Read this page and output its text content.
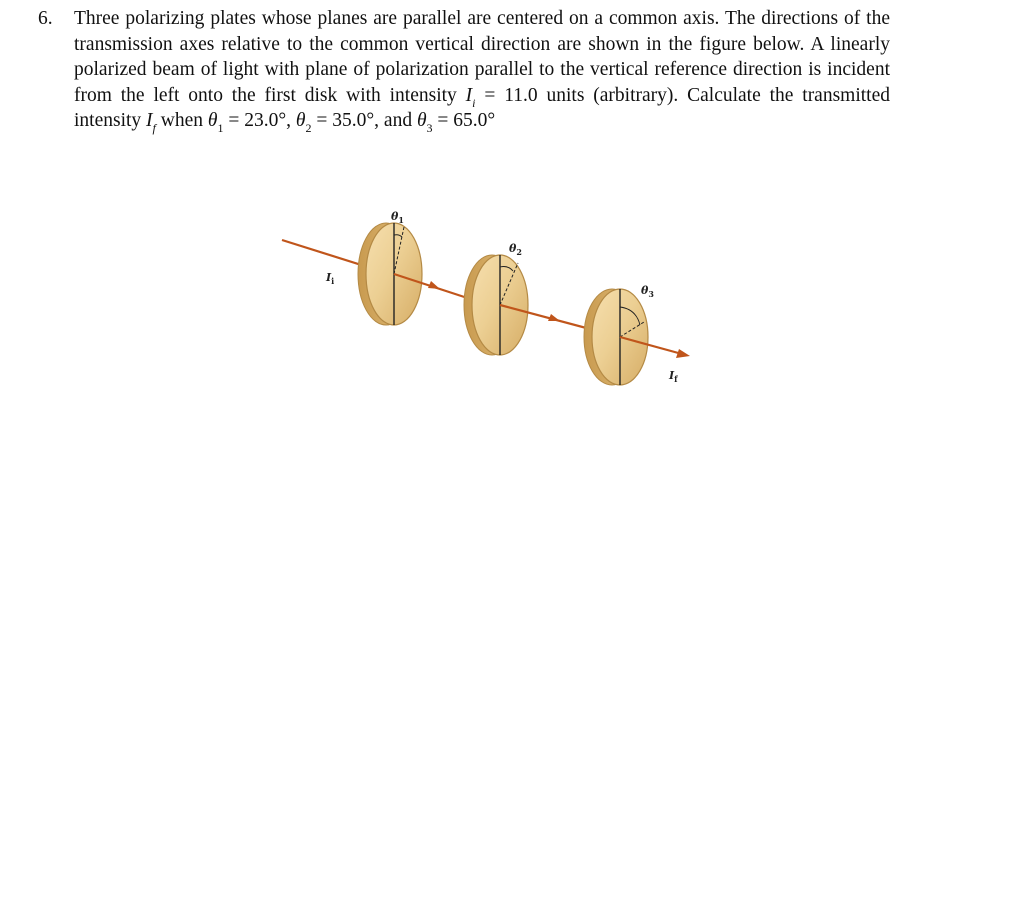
6. Three polarizing plates whose planes are parallel are centered on a common axis. The directions of the transmission axes relative to the common vertical direction are shown in the figure below. A linearly polarized beam of light with plane of polarization parallel to the vertical reference direction is incident from the left onto the first disk with intensity $I_i = 11.0$ units (arbitrary). Calculate the transmitted intensity $I_f$ when $\theta_1 = 23.0^\circ$, $\theta_2 = 35.0^\circ$, and $\theta_3 = 65.0^\circ$
$\theta_1$
$\theta_2$
$\theta_3$
$I_i$
$I_f$
